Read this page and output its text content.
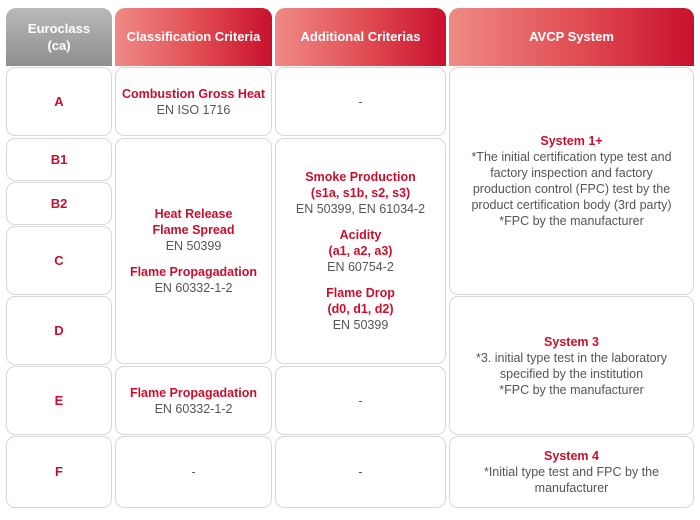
Euroclass
(ca)
Classification Criteria	Additional Criterias	AVCP System
A
B1
B2
C
D
E
F
Combustion Gross Heat
EN ISO 1716
Heat Release
Flame Spread
EN 50399
Flame Propagadation
EN 60332-1-2
Flame Propagadation
EN 60332-1-2
-
-
Smoke Production
(s1a, s1b, s2, s3)
EN 50399, EN 61034-2
Acidity
(a1, a2, a3)
EN 60754-2
Flame Drop
(d0, d1, d2)
EN 50399
-
-
System 1+
*The initial certification type test and factory inspection and factory production control (FPC) test by the product certification body (3rd party)
*FPC by the manufacturer
System 3
*3. initial type test in the laboratory specified by the institution
*FPC by the manufacturer
System 4
*Initial type test and FPC by the manufacturer
